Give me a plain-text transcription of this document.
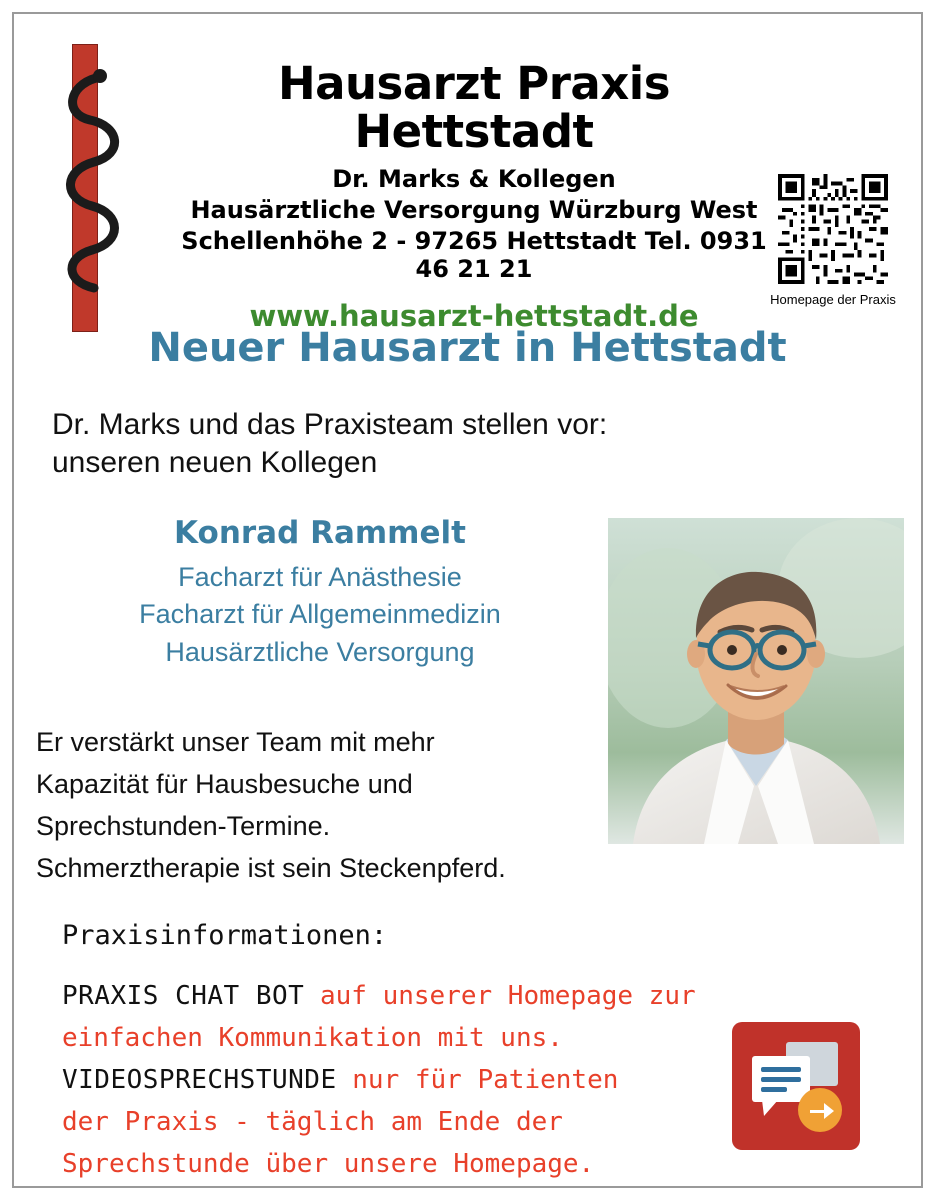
Hausarzt Praxis Hettstadt
Dr. Marks & Kollegen
Hausärztliche Versorgung Würzburg West
Schellenhöhe 2 - 97265 Hettstadt Tel. 0931 46 21 21
www.hausarzt-hettstadt.de	Homepage der Praxis
Neuer Hausarzt in Hettstadt
Dr. Marks und das Praxisteam stellen vor:
unseren neuen Kollegen
Konrad Rammelt
Facharzt für Anästhesie
Facharzt für Allgemeinmedizin
Hausärztliche Versorgung
Er verstärkt unser Team mit mehr
Kapazität für Hausbesuche und
Sprechstunden-Termine.
Schmerztherapie ist sein Steckenpferd.
Praxisinformationen:
PRAXIS CHAT BOT auf unserer Homepage zur
einfachen Kommunikation mit uns.
VIDEOSPRECHSTUNDE nur für Patienten
der Praxis - täglich am Ende der
Sprechstunde über unsere Homepage.
